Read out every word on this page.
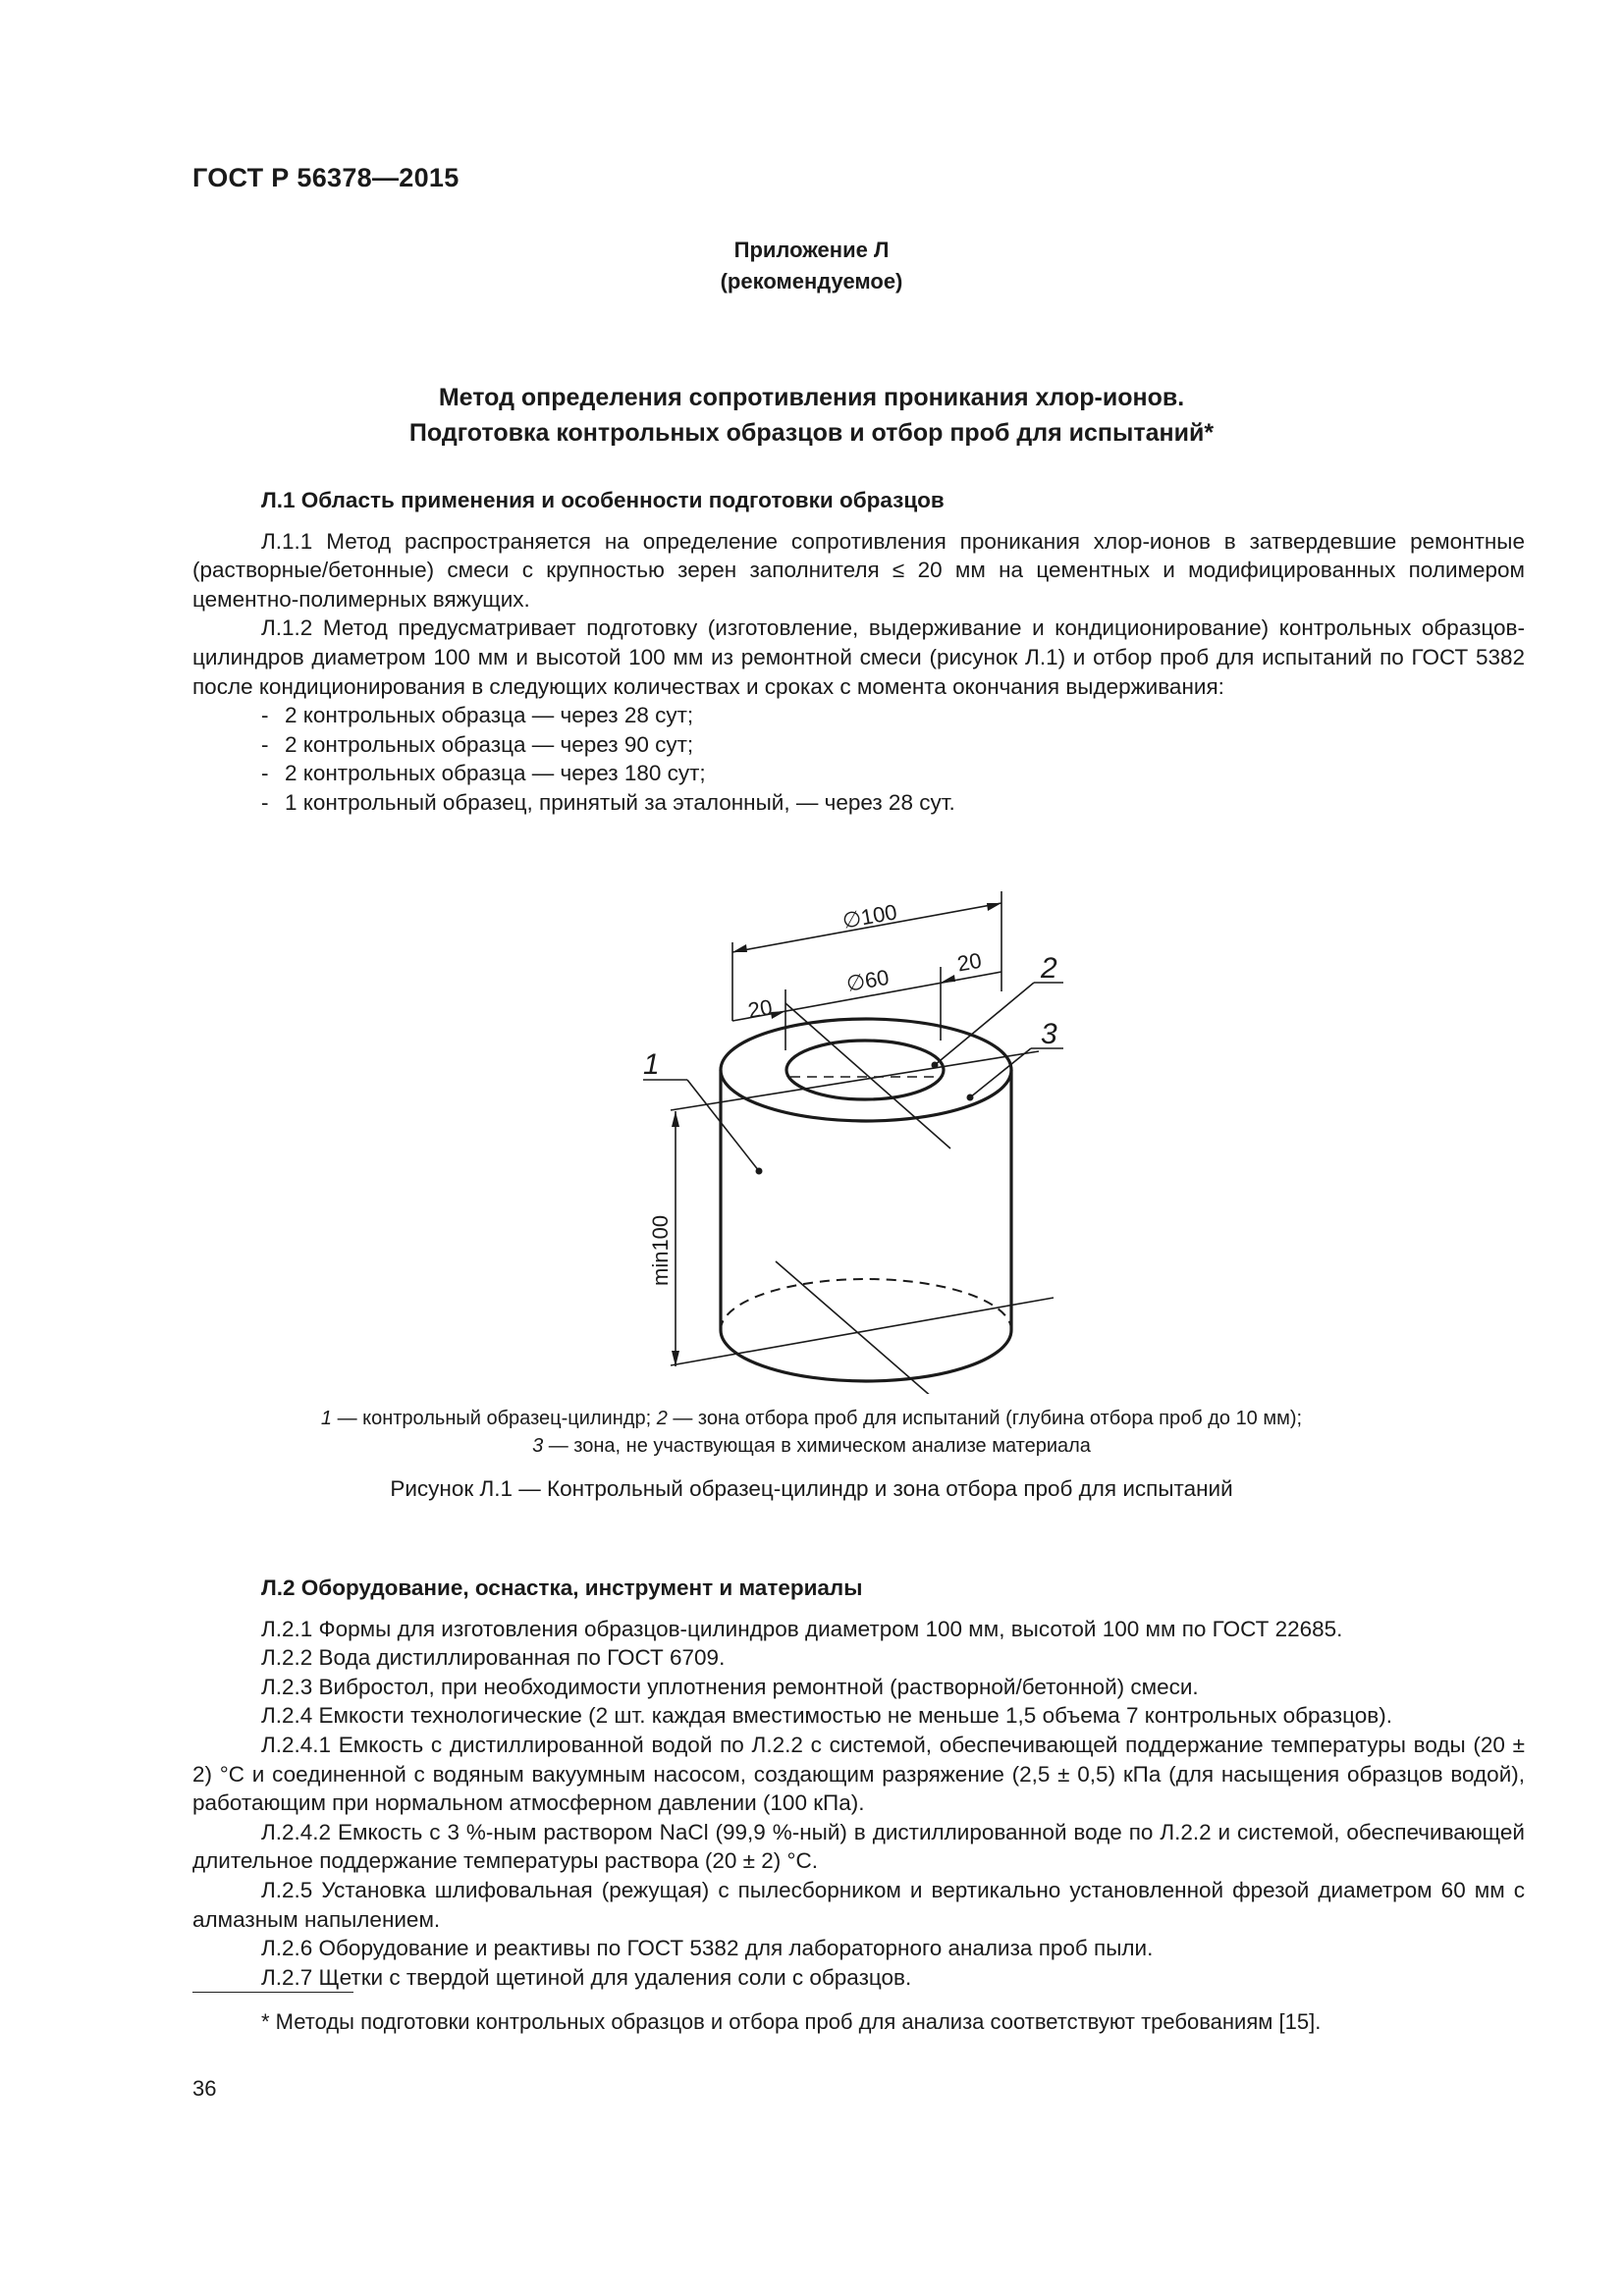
ГОСТ Р 56378—2015
Приложение Л
(рекомендуемое)
Метод определения сопротивления проникания хлор-ионов.
Подготовка контрольных образцов и отбор проб для испытаний*
Л.1 Область применения и особенности подготовки образцов

Л.1.1 Метод распространяется на определение сопротивления проникания хлор-ионов в затвердевшие ремонтные (растворные/бетонные) смеси с крупностью зерен заполнителя ≤ 20 мм на цементных и модифицированных полимером цементно-полимерных вяжущих.

Л.1.2 Метод предусматривает подготовку (изготовление, выдерживание и кондиционирование) контрольных образцов-цилиндров диаметром 100 мм и высотой 100 мм из ремонтной смеси (рисунок Л.1) и отбор проб для испытаний по ГОСТ 5382 после кондиционирования в следующих количествах и сроках с момента окончания выдерживания:

- 2 контрольных образца — через 28 сут;
- 2 контрольных образца — через 90 сут;
- 2 контрольных образца — через 180 сут;
- 1 контрольный образец, принятый за эталонный, — через 28 сут.
∅100
∅60
20
20
min100
1
2
3
1 — контрольный образец-цилиндр; 2 — зона отбора проб для испытаний (глубина отбора проб до 10 мм);
3 — зона, не участвующая в химическом анализе материала
Рисунок Л.1 — Контрольный образец-цилиндр и зона отбора проб для испытаний
Л.2 Оборудование, оснастка, инструмент и материалы

Л.2.1 Формы для изготовления образцов-цилиндров диаметром 100 мм, высотой 100 мм по ГОСТ 22685.

Л.2.2 Вода дистиллированная по ГОСТ 6709.

Л.2.3 Вибростол, при необходимости уплотнения ремонтной (растворной/бетонной) смеси.

Л.2.4 Емкости технологические (2 шт. каждая вместимостью не меньше 1,5 объема 7 контрольных образцов).

Л.2.4.1 Емкость с дистиллированной водой по Л.2.2 с системой, обеспечивающей поддержание температуры воды (20 ± 2) °С и соединенной с водяным вакуумным насосом, создающим разряжение (2,5 ± 0,5) кПа (для насыщения образцов водой), работающим при нормальном атмосферном давлении (100 кПа).

Л.2.4.2 Емкость с 3 %-ным раствором NaCl (99,9 %-ный) в дистиллированной воде по Л.2.2 и системой, обеспечивающей длительное поддержание температуры раствора (20 ± 2) °С.

Л.2.5 Установка шлифовальная (режущая) с пылесборником и вертикально установленной фрезой диаметром 60 мм с алмазным напылением.

Л.2.6 Оборудование и реактивы по ГОСТ 5382 для лабораторного анализа проб пыли.

Л.2.7 Щетки с твердой щетиной для удаления соли с образцов.

* Методы подготовки контрольных образцов и отбора проб для анализа соответствуют требованиям [15].
36
